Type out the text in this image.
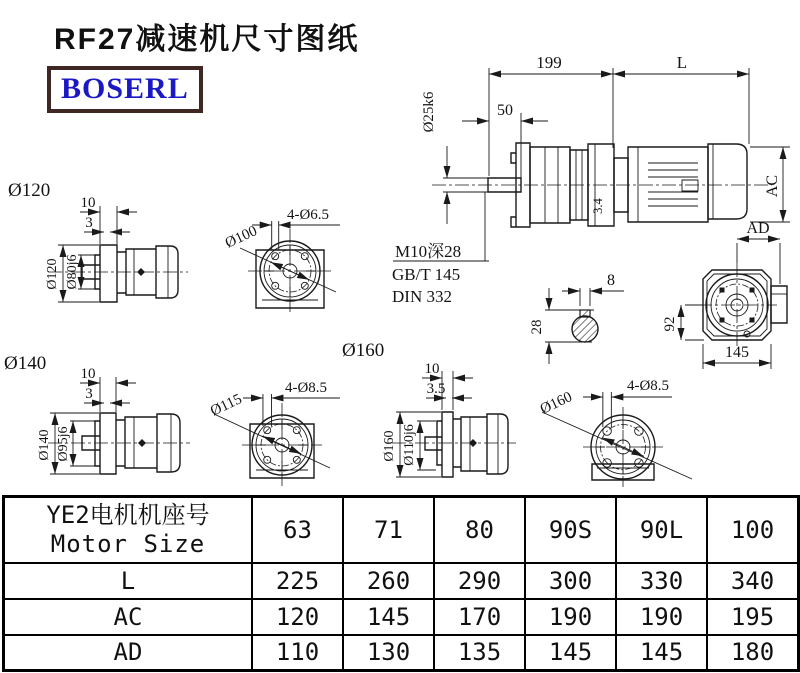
RF27减速机尺寸图纸
BOSERL
3.4
199	L
50
Ø25k6
AC
M10深28
GB/T 145
DIN 332
8
28
AD
92
145
Ø120
10
3
Ø120 Ø80j6
Ø100
4-Ø6.5
Ø140 10
3
Ø140 Ø95j6
Ø115
4-Ø8.5
Ø160
10
3.5
Ø160 Ø110j6
Ø160
4-Ø8.5
YE2电机机座号
Motor Size	63	71	80	90S	90L	100
L	225	260	290	300	330	340
AC	120	145	170	190	190	195
AD	110	130	135	145	145	180
